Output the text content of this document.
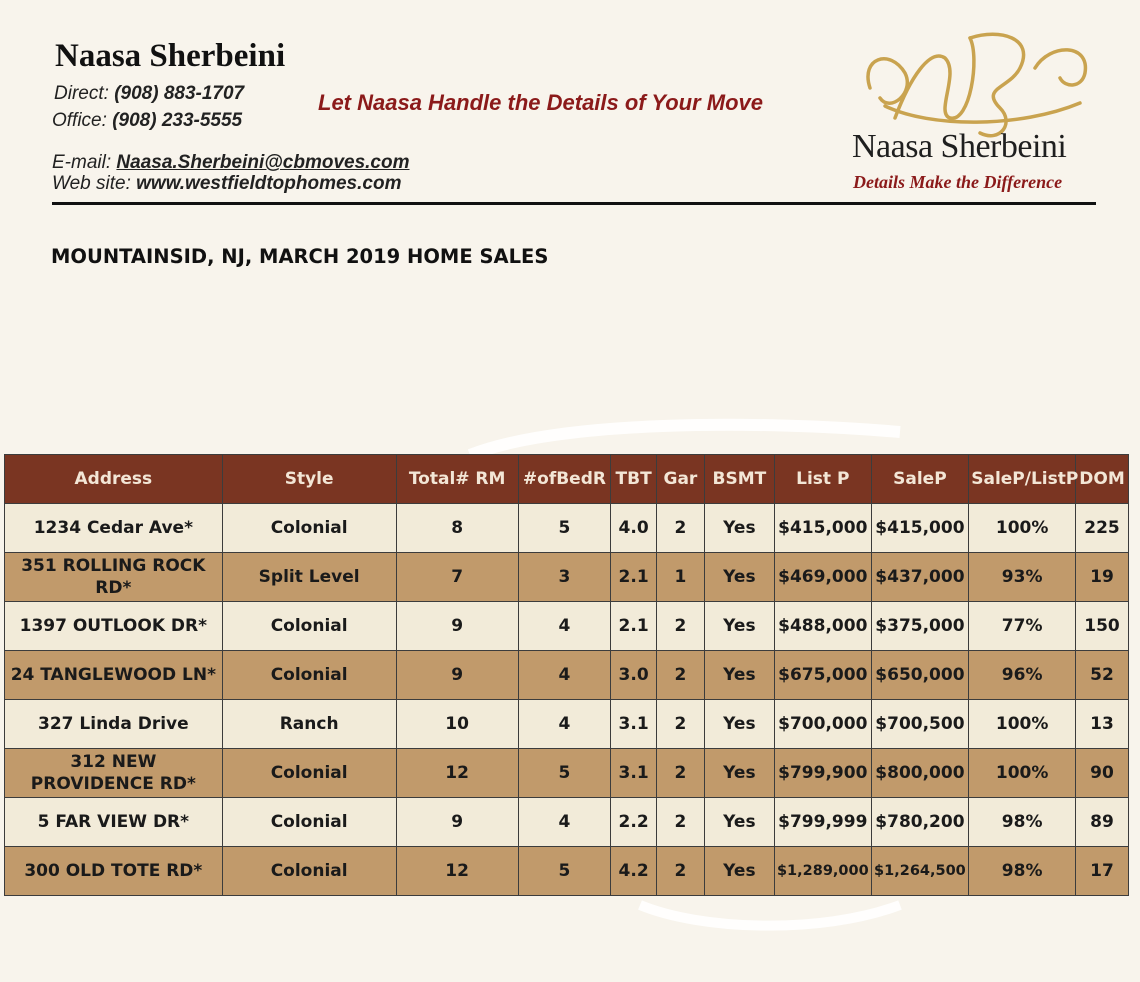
Naasa Sherbeini
Direct: (908) 883-1707
Office: (908) 233-5555
E-mail: Naasa.Sherbeini@cbmoves.com
Web site: www.westfieldtophomes.com
Let Naasa Handle the Details of Your Move
Naasa Sherbeini
Details Make the Difference
MOUNTAINSID, NJ, MARCH 2019 HOME SALES
Address	Style	Total# RM	#ofBedR	TBT	Gar	BSMT	List P	SaleP	SaleP/ListP	DOM
1234 Cedar Ave*	Colonial	8	5	4.0	2	Yes	$415,000	$415,000	100%	225
351 ROLLING ROCK RD*	Split Level	7	3	2.1	1	Yes	$469,000	$437,000	93%	19
1397 OUTLOOK DR*	Colonial	9	4	2.1	2	Yes	$488,000	$375,000	77%	150
24 TANGLEWOOD LN*	Colonial	9	4	3.0	2	Yes	$675,000	$650,000	96%	52
327 Linda Drive	Ranch	10	4	3.1	2	Yes	$700,000	$700,500	100%	13
312 NEW PROVIDENCE RD*	Colonial	12	5	3.1	2	Yes	$799,900	$800,000	100%	90
5 FAR VIEW DR*	Colonial	9	4	2.2	2	Yes	$799,999	$780,200	98%	89
300 OLD TOTE RD*	Colonial	12	5	4.2	2	Yes	$1,289,000	$1,264,500	98%	17
